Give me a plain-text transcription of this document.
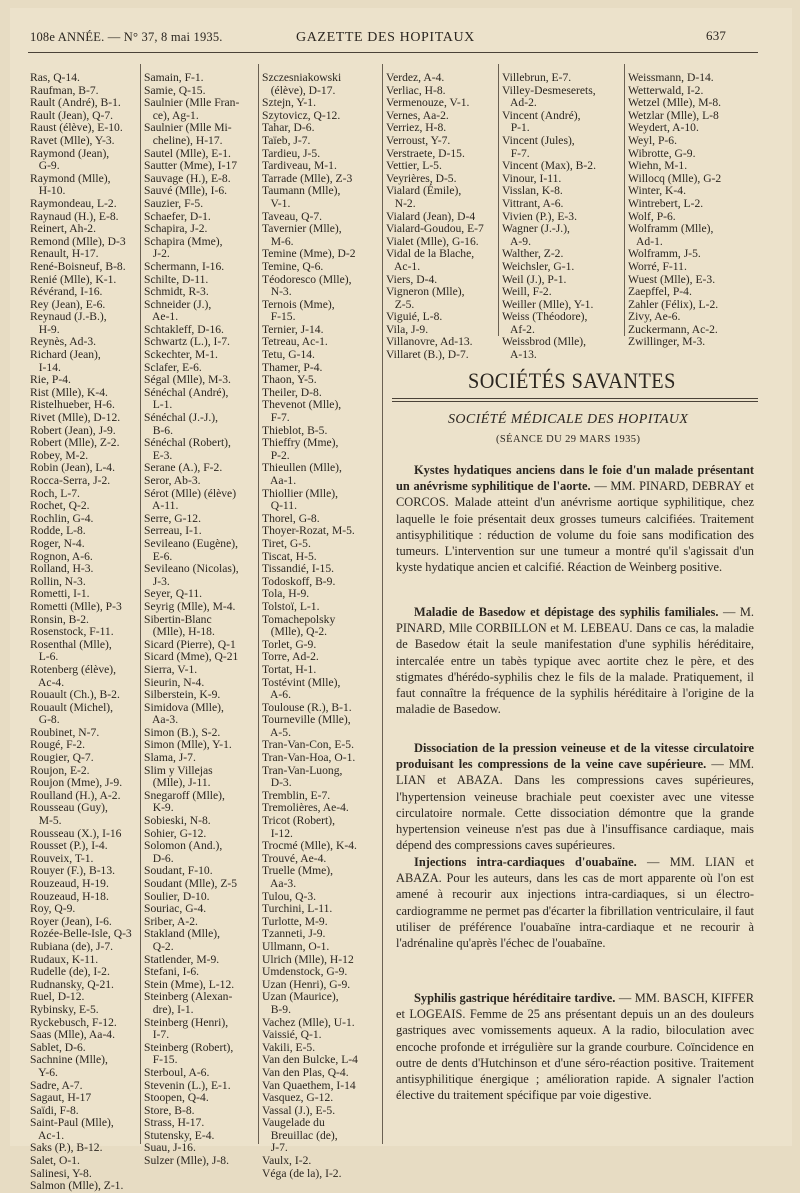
108e ANNÉE. — N° 37, 8 mai 1935.	GAZETTE DES HOPITAUX	637
Ras, Q-14.
Raufman, B-7.
Rault (André), B-1.
Rault (Jean), Q-7.
Raust (élève), E-10.
Ravet (Mlle), Y-3.
Raymond (Jean),
G-9.
Raymond (Mlle),
H-10.
Raymondeau, L-2.
Raynaud (H.), E-8.
Reinert, Ah-2.
Remond (Mlle), D-3
Renault, H-17.
René-Boisneuf, B-8.
Renié (Mlle), K-1.
Révérand, I-16.
Rey (Jean), E-6.
Reynaud (J.-B.),
H-9.
Reynès, Ad-3.
Richard (Jean),
I-14.
Rie, P-4.
Rist (Mlle), K-4.
Ristelhueber, H-6.
Rivet (Mlle), D-12.
Robert (Jean), J-9.
Robert (Mlle), Z-2.
Robey, M-2.
Robin (Jean), L-4.
Rocca-Serra, J-2.
Roch, L-7.
Rochet, Q-2.
Rochlin, G-4.
Rodde, L-8.
Roger, N-4.
Rognon, A-6.
Rolland, H-3.
Rollin, N-3.
Rometti, I-1.
Rometti (Mlle), P-3
Ronsin, B-2.
Rosenstock, F-11.
Rosenthal (Mlle),
L-6.
Rotenberg (élève),
Ac-4.
Rouault (Ch.), B-2.
Rouault (Michel),
G-8.
Roubinet, N-7.
Rougé, F-2.
Rougier, Q-7.
Roujon, E-2.
Roujon (Mme), J-9.
Roulland (H.), A-2.
Rousseau (Guy),
M-5.
Rousseau (X.), I-16
Rousset (P.), I-4.
Rouveix, T-1.
Rouyer (F.), B-13.
Rouzeaud, H-19.
Rouzeaud, H-18.
Roy, Q-9.
Royer (Jean), I-6.
Rozée-Belle-Isle, Q-3
Rubiana (de), J-7.
Rudaux, K-11.
Rudelle (de), I-2.
Rudnansky, Q-21.
Ruel, D-12.
Rybinsky, E-5.
Ryckebusch, F-12.
Saas (Mlle), Aa-4.
Sablet, D-6.
Sachnine (Mlle),
Y-6.
Sadre, A-7.
Sagaut, H-17
Saïdi, F-8.
Saint-Paul (Mlle),
Ac-1.
Saks (P.), B-12.
Salet, O-1.
Salinesi, Y-8.
Salmon (Mlle), Z-1.
Samain, F-1.
Samie, Q-15.
Saulnier (Mlle Fran-
ce), Ag-1.
Saulnier (Mlle Mi-
cheline), H-17.
Sautel (Mlle), E-1.
Sautter (Mme), I-17
Sauvage (H.), E-8.
Sauvé (Mlle), I-6.
Sauzier, F-5.
Schaefer, D-1.
Schapira, J-2.
Schapira (Mme),
J-2.
Schermann, I-16.
Schilte, D-11.
Schmidt, R-3.
Schneider (J.),
Ae-1.
Schtakleff, D-16.
Schwartz (L.), I-7.
Sckechter, M-1.
Sclafer, E-6.
Ségal (Mlle), M-3.
Sénéchal (André),
L-1.
Sénéchal (J.-J.),
B-6.
Sénéchal (Robert),
E-3.
Serane (A.), F-2.
Seror, Ab-3.
Sérot (Mlle) (élève)
A-11.
Serre, G-12.
Serreau, I-1.
Sevileano (Eugène),
E-6.
Sevileano (Nicolas),
J-3.
Seyer, Q-11.
Seyrig (Mlle), M-4.
Sibertin-Blanc
(Mlle), H-18.
Sicard (Pierre), Q-1
Sicard (Mme), Q-21
Sierra, V-1.
Sieurin, N-4.
Silberstein, K-9.
Simidova (Mlle),
Aa-3.
Simon (B.), S-2.
Simon (Mlle), Y-1.
Slama, J-7.
Slim y Villejas
(Mlle), J-11.
Snegaroff (Mlle),
K-9.
Sobieski, N-8.
Sohier, G-12.
Solomon (And.),
D-6.
Soudant, F-10.
Soudant (Mlle), Z-5
Soulier, D-10.
Souriac, G-4.
Sriber, A-2.
Stakland (Mlle),
Q-2.
Statlender, M-9.
Stefani, I-6.
Stein (Mme), L-12.
Steinberg (Alexan-
dre), I-1.
Steinberg (Henri),
I-7.
Steinberg (Robert),
F-15.
Sterboul, A-6.
Stevenin (L.), E-1.
Stoopen, Q-4.
Store, B-8.
Strass, H-17.
Stutensky, E-4.
Suau, J-16.
Sulzer (Mlle), J-8.
Szczesniakowski
(élève), D-17.
Sztejn, Y-1.
Szytovicz, Q-12.
Tahar, D-6.
Taïeb, J-7.
Tardieu, J-5.
Tardiveau, M-1.
Tarrade (Mlle), Z-3
Taumann (Mlle),
V-1.
Taveau, Q-7.
Tavernier (Mlle),
M-6.
Temine (Mme), D-2
Temine, Q-6.
Téodoresco (Mlle),
N-3.
Ternois (Mme),
F-15.
Ternier, J-14.
Tetreau, Ac-1.
Tetu, G-14.
Thamer, P-4.
Thaon, Y-5.
Theiler, D-8.
Thevenot (Mlle),
F-7.
Thieblot, B-5.
Thieffry (Mme),
P-2.
Thieullen (Mlle),
Aa-1.
Thiollier (Mlle),
Q-11.
Thorel, G-8.
Thoyer-Rozat, M-5.
Tiret, G-5.
Tiscat, H-5.
Tissandié, I-15.
Todoskoff, B-9.
Tola, H-9.
Tolstoï, L-1.
Tomachepolsky
(Mlle), Q-2.
Torlet, G-9.
Torre, Ad-2.
Tortat, H-1.
Tostévint (Mlle),
A-6.
Toulouse (R.), B-1.
Tourneville (Mlle),
A-5.
Tran-Van-Con, E-5.
Tran-Van-Hoa, O-1.
Tran-Van-Luong,
D-3.
Tremblin, E-7.
Tremolières, Ae-4.
Tricot (Robert),
I-12.
Trocmé (Mlle), K-4.
Trouvé, Ae-4.
Truelle (Mme),
Aa-3.
Tulou, Q-3.
Turchini, L-11.
Turlotte, M-9.
Tzanneti, J-9.
Ullmann, O-1.
Ulrich (Mlle), H-12
Umdenstock, G-9.
Uzan (Henri), G-9.
Uzan (Maurice),
B-9.
Vachez (Mlle), U-1.
Vaissié, Q-1.
Vakili, E-5.
Van den Bulcke, L-4
Van den Plas, Q-4.
Van Quaethem, I-14
Vasquez, G-12.
Vassal (J.), E-5.
Vaugelade du
Breuillac (de),
J-7.
Vaulx, I-2.
Véga (de la), I-2.
Verdez, A-4.
Verliac, H-8.
Vermenouze, V-1.
Vernes, Aa-2.
Verriez, H-8.
Verroust, Y-7.
Verstraete, D-15.
Vettier, L-5.
Veyrières, D-5.
Vialard (Émile),
N-2.
Vialard (Jean), D-4
Vialard-Goudou, E-7
Vialet (Mlle), G-16.
Vidal de la Blache,
Ac-1.
Viers, D-4.
Vigneron (Mlle),
Z-5.
Viguié, L-8.
Vila, J-9.
Villanovre, Ad-13.
Villaret (B.), D-7.
Villebrun, E-7.
Villey-Desmeserets,
Ad-2.
Vincent (André),
P-1.
Vincent (Jules),
F-7.
Vincent (Max), B-2.
Vinour, I-11.
Visslan, K-8.
Vittrant, A-6.
Vivien (P.), E-3.
Wagner (J.-J.),
A-9.
Walther, Z-2.
Weichsler, G-1.
Weil (J.), P-1.
Weill, F-2.
Weiller (Mlle), Y-1.
Weiss (Théodore),
Af-2.
Weissbrod (Mlle),
A-13.
Weissmann, D-14.
Wetterwald, I-2.
Wetzel (Mlle), M-8.
Wetzlar (Mlle), L-8
Weydert, A-10.
Weyl, P-6.
Wibrotte, G-9.
Wiehn, M-1.
Willocq (Mlle), G-2
Winter, K-4.
Wintrebert, L-2.
Wolf, P-6.
Wolframm (Mlle),
Ad-1.
Wolframm, J-5.
Worré, F-11.
Wuest (Mlle), E-3.
Zaepffel, P-4.
Zahler (Félix), L-2.
Zivy, Ae-6.
Zuckermann, Ac-2.
Zwillinger, M-3.
SOCIÉTÉS SAVANTES
SOCIÉTÉ MÉDICALE DES HOPITAUX
(SÉANCE DU 29 MARS 1935)

Kystes hydatiques anciens dans le foie d'un malade présentant un anévrisme syphilitique de l'aorte. — MM. PINARD, DEBRAY et CORCOS. Malade atteint d'un anévrisme aortique syphilitique, chez laquelle le foie présentait deux grosses tumeurs calcifiées. Traitement antisyphilitique : réduction de volume du foie sans modification des tumeurs. L'intervention sur une tumeur a montré qu'il s'agissait d'un kyste hydatique ancien et calcifié. Réaction de Weinberg positive.

Maladie de Basedow et dépistage des syphilis familiales. — M. PINARD, Mlle CORBILLON et M. LEBEAU. Dans ce cas, la maladie de Basedow était la seule manifestation d'une syphilis héréditaire, intercalée entre un tabès typique avec aortite chez le père, et des stigmates d'hérédo-syphilis chez le fils de la malade. Pratiquement, il faut connaître la fréquence de la syphilis héréditaire à l'origine de la maladie de Basedow.

Dissociation de la pression veineuse et de la vitesse circulatoire produisant les compressions de la veine cave supérieure. — MM. LIAN et ABAZA. Dans les compressions caves supérieures, l'hypertension veineuse brachiale peut coexister avec une vitesse circulatoire normale. Cette dissociation démontre que la grande hypertension veineuse n'est pas due à l'insuffisance cardiaque, mais dépend des compressions caves supérieures.

Injections intra-cardiaques d'ouabaïne. — MM. LIAN et ABAZA. Pour les auteurs, dans les cas de mort apparente où l'on est amené à recourir aux injections intra-cardiaques, si un électro-cardiogramme ne permet pas d'écarter la fibrillation ventriculaire, il faut utiliser de préférence l'ouabaïne intra-cardiaque et ne recourir à l'adrénaline qu'après l'échec de l'ouabaïne.

Syphilis gastrique héréditaire tardive. — MM. BASCH, KIFFER et LOGEAIS. Femme de 25 ans présentant depuis un an des douleurs gastriques avec vomissements aqueux. A la radio, biloculation avec encoche profonde et irrégulière sur la grande courbure. Coïncidence en outre de dents d'Hutchinson et d'une séro-réaction positive. Traitement antisyphilitique énergique ; amélioration rapide. A signaler l'action élective du traitement spécifique par voie digestive.
